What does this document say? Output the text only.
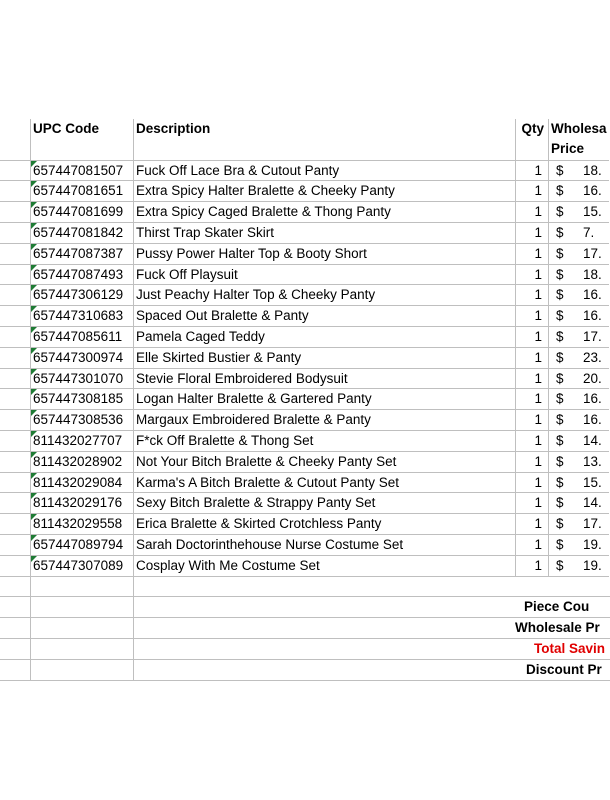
UPC Code	Description	Qty Wholesa
Price
657447081507 Fuck Off Lace Bra & Cutout Panty	1	$ 18.
657447081651 Extra Spicy Halter Bralette & Cheeky Panty	1	$ 16.
657447081699 Extra Spicy Caged Bralette & Thong Panty	1	$ 15.
657447081842 Thirst Trap Skater Skirt	1	$ 7.
657447087387 Pussy Power Halter Top & Booty Short	1	$ 17.
657447087493 Fuck Off Playsuit	1	$ 18.
657447306129 Just Peachy Halter Top & Cheeky Panty	1	$ 16.
657447310683 Spaced Out Bralette & Panty	1	$ 16.
657447085611	Pamela Caged Teddy	1	$ 17.
657447300974 Elle Skirted Bustier & Panty	1	$ 23.
657447301070 Stevie Floral Embroidered Bodysuit	1	$ 20.
657447308185 Logan Halter Bralette & Gartered Panty	1	$ 16.
657447308536 Margaux Embroidered Bralette & Panty	1	$ 16.
811432027707	F*ck Off Bralette & Thong Set	1	$ 14.
811432028902	Not Your Bitch Bralette & Cheeky Panty Set	1	$ 13.
811432029084	Karma's A Bitch Bralette & Cutout Panty Set	1	$ 15.
811432029176	Sexy Bitch Bralette & Strappy Panty Set	1	$ 14.
811432029558	Erica Bralette & Skirted Crotchless Panty	1	$ 17.
657447089794 Sarah Doctorinthehouse Nurse Costume Set	1	$ 19.
657447307089 Cosplay With Me Costume Set	1	$ 19.
Piece Cou
Wholesale Pr
Total Savin
Discount Pr
